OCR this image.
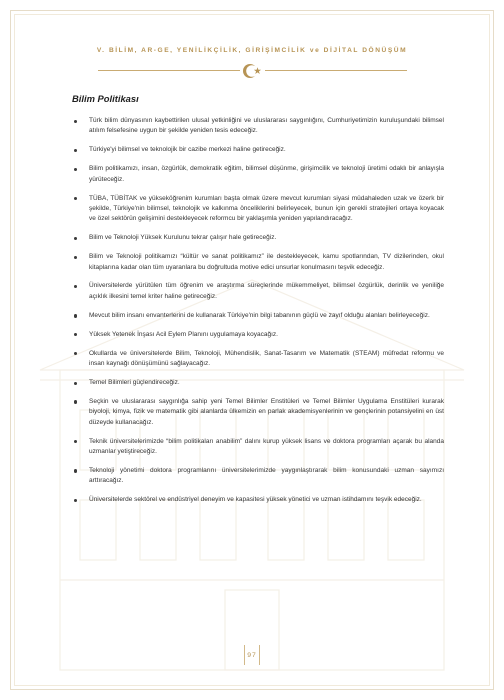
V. BİLİM, AR-GE, YENİLİKÇİLİK, GİRİŞİMCİLİK ve DİJİTAL DÖNÜŞÜM
Bilim Politikası
Türk bilim dünyasının kaybettirilen ulusal yetkinliğini ve uluslararası saygınlığını, Cumhuriyetimizin kuruluşundaki bilimsel atılım felsefesine uygun bir şekilde yeniden tesis edeceğiz.
Türkiye'yi bilimsel ve teknolojik bir cazibe merkezi haline getireceğiz.
Bilim politikamızı, insan, özgürlük, demokratik eğitim, bilimsel düşünme, girişimcilik ve teknoloji üretimi odaklı bir anlayışla yürüteceğiz.
TÜBA, TÜBİTAK ve yükseköğrenim kurumları başta olmak üzere mevcut kurumları siyasi müdahaleden uzak ve özerk bir şekilde, Türkiye'nin bilimsel, teknolojik ve kalkınma önceliklerini belirleyecek, bunun için gerekli stratejileri ortaya koyacak ve özel sektörün gelişimini destekleyecek reformcu bir yaklaşımla yeniden yapılandıracağız.
Bilim ve Teknoloji Yüksek Kurulunu tekrar çalışır hale getireceğiz.
Bilim ve Teknoloji politikamızı “kültür ve sanat politikamız” ile destekleyecek, kamu spotlarından, TV dizilerinden, okul kitaplarına kadar olan tüm uyaranlara bu doğrultuda motive edici unsurlar konulmasını teşvik edeceğiz.
Üniversitelerde yürütülen tüm öğrenim ve araştırma süreçlerinde mükemmeliyet, bilimsel özgürlük, derinlik ve yeniliğe açıklık ilkesini temel kriter haline getireceğiz.
Mevcut bilim insanı envanterlerini de kullanarak Türkiye'nin bilgi tabanının güçlü ve zayıf olduğu alanları belirleyeceğiz.
Yüksek Yetenek İnşası Acil Eylem Planını uygulamaya koyacağız.
Okullarda ve üniversitelerde Bilim, Teknoloji, Mühendislik, Sanat-Tasarım ve Matematik (STEAM) müfredat reformu ve insan kaynağı dönüşümünü sağlayacağız.
Temel Bilimleri güçlendireceğiz.
Seçkin ve uluslararası saygınlığa sahip yeni Temel Bilimler Enstitüleri ve Temel Bilimler Uygulama Enstitüleri kurarak biyoloji, kimya, fizik ve matematik gibi alanlarda ülkemizin en parlak akademisyenlerinin ve gençlerinin potansiyelini en üst düzeyde kullanacağız.
Teknik üniversitelerimizde “bilim politikaları anabilim” dalını kurup yüksek lisans ve doktora programları açarak bu alanda uzmanlar yetiştireceğiz.
Teknoloji yönetimi doktora programlarını üniversitelerimizde yaygınlaştırarak bilim konusundaki uzman sayımızı arttıracağız.
Üniversitelerde sektörel ve endüstriyel deneyim ve kapasitesi yüksek yönetici ve uzman istihdamını teşvik edeceğiz.
97
